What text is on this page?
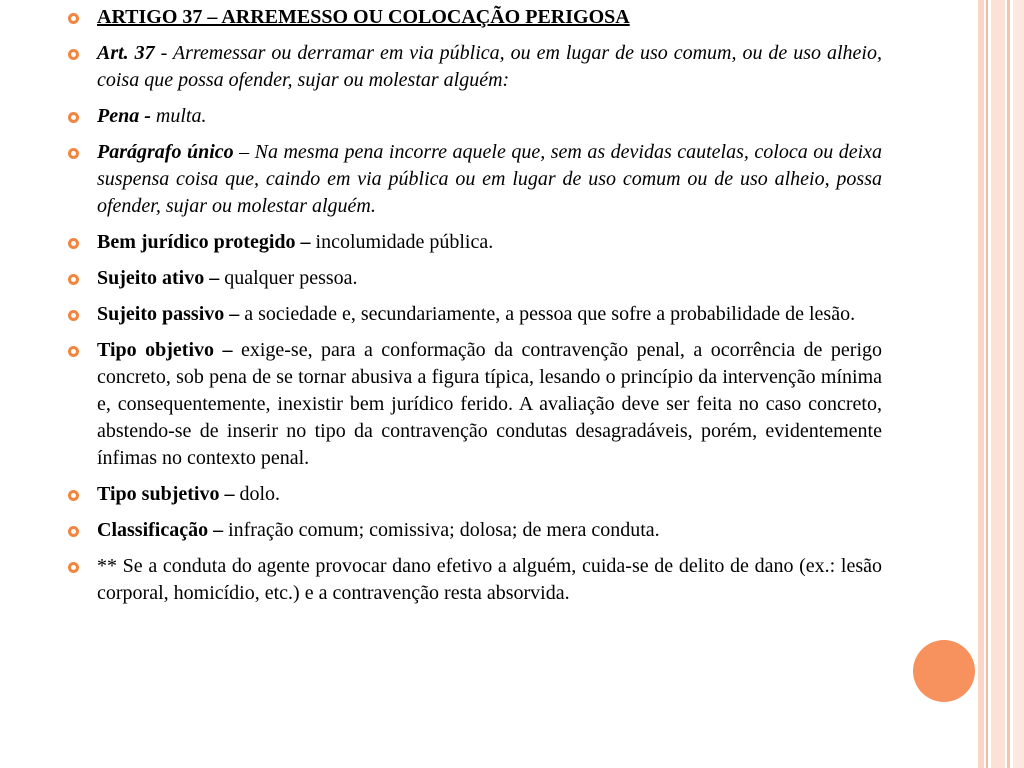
ARTIGO 37 – ARREMESSO OU COLOCAÇÃO PERIGOSA
Art. 37 - Arremessar ou derramar em via pública, ou em lugar de uso comum, ou de uso alheio, coisa que possa ofender, sujar ou molestar alguém:
Pena - multa.
Parágrafo único – Na mesma pena incorre aquele que, sem as devidas cautelas, coloca ou deixa suspensa coisa que, caindo em via pública ou em lugar de uso comum ou de uso alheio, possa ofender, sujar ou molestar alguém.
Bem jurídico protegido – incolumidade pública.
Sujeito ativo – qualquer pessoa.
Sujeito passivo – a sociedade e, secundariamente, a pessoa que sofre a probabilidade de lesão.
Tipo objetivo – exige-se, para a conformação da contravenção penal, a ocorrência de perigo concreto, sob pena de se tornar abusiva a figura típica, lesando o princípio da intervenção mínima e, consequentemente, inexistir bem jurídico ferido. A avaliação deve ser feita no caso concreto, abstendo-se de inserir no tipo da contravenção condutas desagradáveis, porém, evidentemente ínfimas no contexto penal.
Tipo subjetivo – dolo.
Classificação – infração comum; comissiva; dolosa; de mera conduta.
** Se a conduta do agente provocar dano efetivo a alguém, cuida-se de delito de dano (ex.: lesão corporal, homicídio, etc.) e a contravenção resta absorvida.
